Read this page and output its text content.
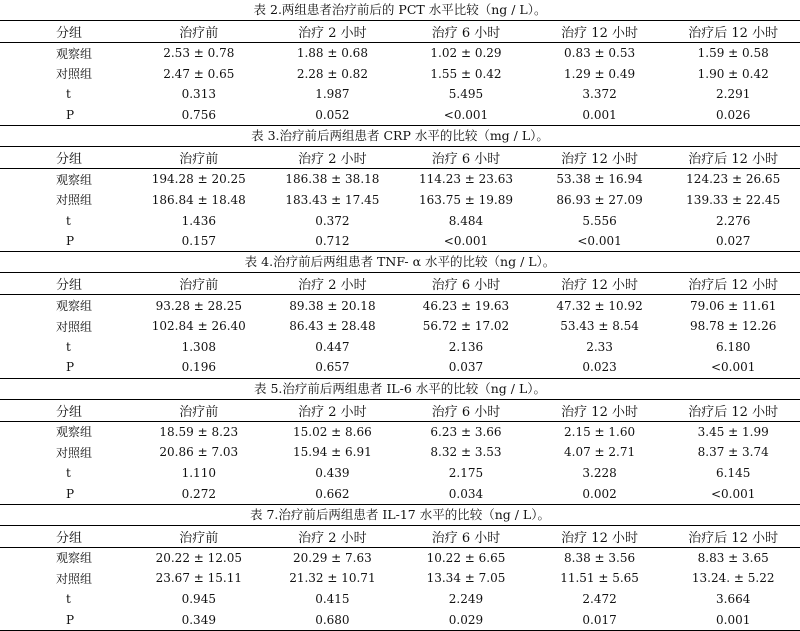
表 2.两组患者治疗前后的 PCT 水平比较（ng / L）。
分组	治疗前	治疗 2 小时	治疗 6 小时	治疗 12 小时	治疗后 12 小时
观察组	2.53 ± 0.78	1.88 ± 0.68	1.02 ± 0.29	0.83 ± 0.53	1.59 ± 0.58
对照组	2.47 ± 0.65	2.28 ± 0.82	1.55 ± 0.42	1.29 ± 0.49	1.90 ± 0.42
t	0.313	1.987	5.495	3.372	2.291
P	0.756	0.052	<0.001	0.001	0.026
表 3.治疗前后两组患者 CRP 水平的比较（mg / L）。
分组	治疗前	治疗 2 小时	治疗 6 小时	治疗 12 小时	治疗后 12 小时
观察组	194.28 ± 20.25	186.38 ± 38.18	114.23 ± 23.63	53.38 ± 16.94	124.23 ± 26.65
对照组	186.84 ± 18.48	183.43 ± 17.45	163.75 ± 19.89	86.93 ± 27.09	139.33 ± 22.45
t	1.436	0.372	8.484	5.556	2.276
P	0.157	0.712	<0.001	<0.001	0.027
表 4.治疗前后两组患者 TNF- α 水平的比较（ng / L）。
分组	治疗前	治疗 2 小时	治疗 6 小时	治疗 12 小时	治疗后 12 小时
观察组	93.28 ± 28.25	89.38 ± 20.18	46.23 ± 19.63	47.32 ± 10.92	79.06 ± 11.61
对照组	102.84 ± 26.40	86.43 ± 28.48	56.72 ± 17.02	53.43 ± 8.54	98.78 ± 12.26
t	1.308	0.447	2.136	2.33	6.180
P	0.196	0.657	0.037	0.023	<0.001
表 5.治疗前后两组患者 IL-6 水平的比较（ng / L）。
分组	治疗前	治疗 2 小时	治疗 6 小时	治疗 12 小时	治疗后 12 小时
观察组	18.59 ± 8.23	15.02 ± 8.66	6.23 ± 3.66	2.15 ± 1.60	3.45 ± 1.99
对照组	20.86 ± 7.03	15.94 ± 6.91	8.32 ± 3.53	4.07 ± 2.71	8.37 ± 3.74
t	1.110	0.439	2.175	3.228	6.145
P	0.272	0.662	0.034	0.002	<0.001
表 7.治疗前后两组患者 IL-17 水平的比较（ng / L）。
分组	治疗前	治疗 2 小时	治疗 6 小时	治疗 12 小时	治疗后 12 小时
观察组	20.22 ± 12.05	20.29 ± 7.63	10.22 ± 6.65	8.38 ± 3.56	8.83 ± 3.65
对照组	23.67 ± 15.11	21.32 ± 10.71	13.34 ± 7.05	11.51 ± 5.65	13.24. ± 5.22
t	0.945	0.415	2.249	2.472	3.664
P	0.349	0.680	0.029	0.017	0.001
